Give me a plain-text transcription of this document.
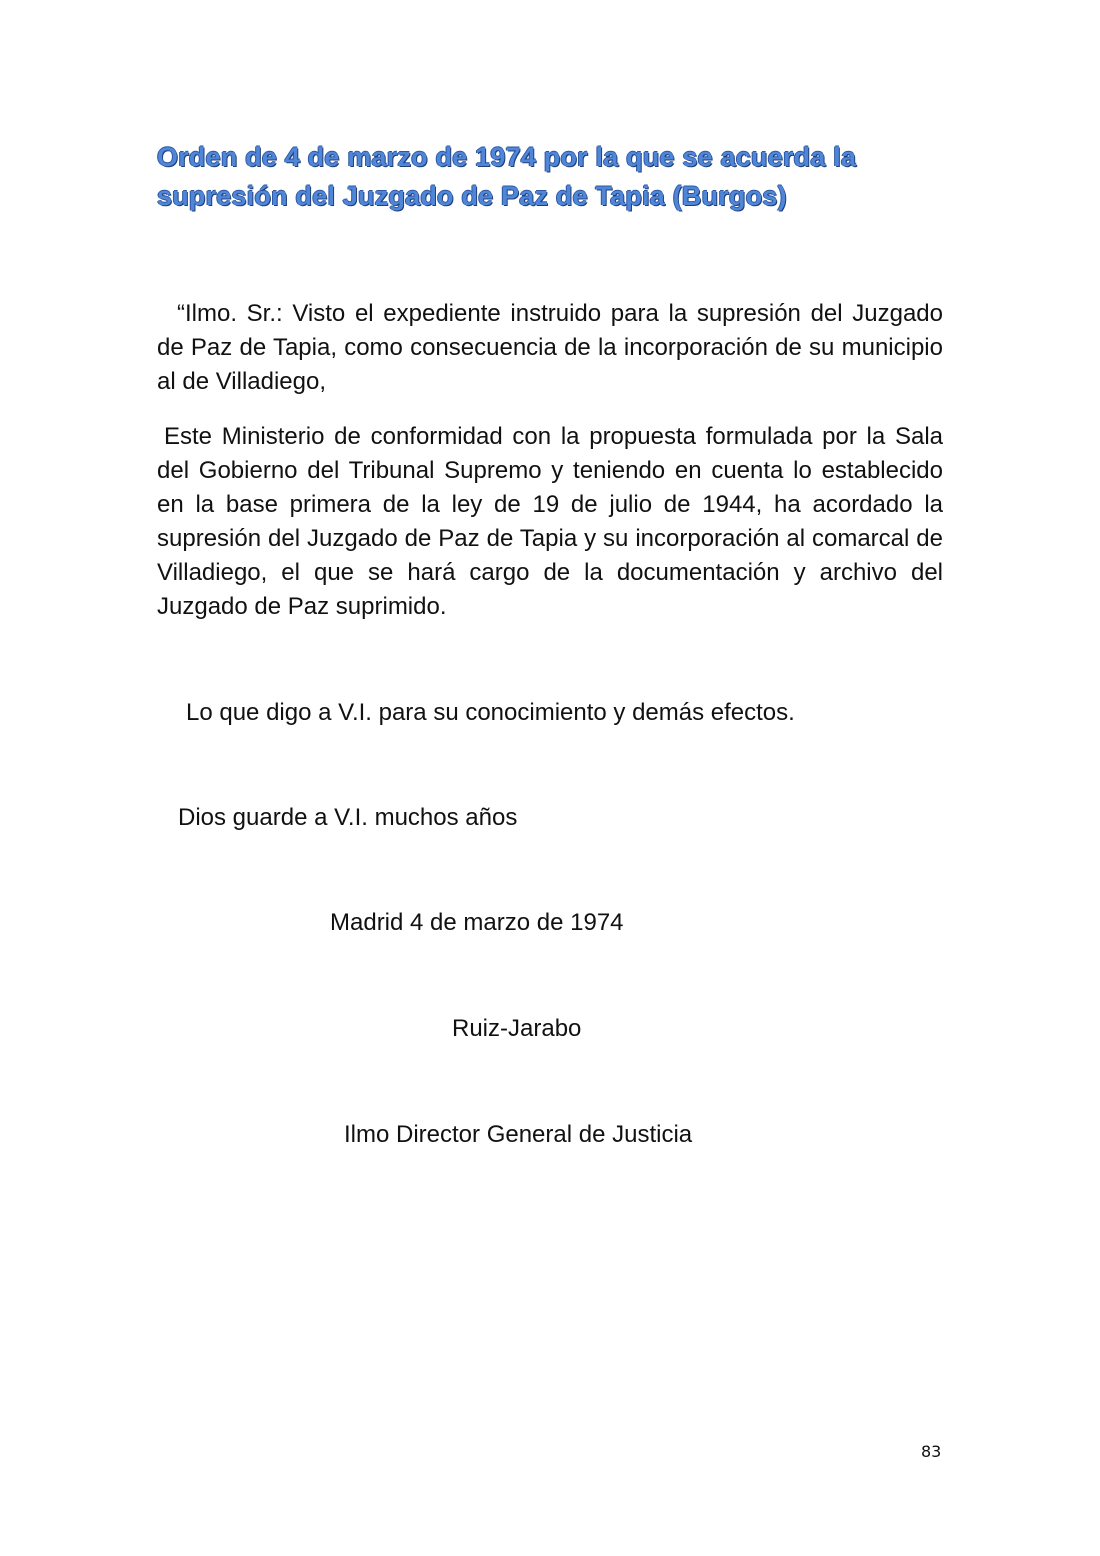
Orden de 4 de marzo de 1974 por la que se acuerda la supresión del Juzgado de Paz de Tapia (Burgos)

“Ilmo. Sr.: Visto el expediente instruido para la supresión del Juzgado de Paz de Tapia, como consecuencia de la incorporación de su municipio al de Villadiego,

Este Ministerio de conformidad con la propuesta formulada por la Sala del Gobierno del Tribunal Supremo y teniendo en cuenta lo establecido en la base primera de la ley de 19 de julio de 1944, ha acordado la supresión del Juzgado de Paz de Tapia y su incorporación al comarcal de Villadiego, el que se hará cargo de la documentación y archivo del Juzgado de Paz suprimido.

Lo que digo a V.I. para su conocimiento y demás efectos.

Dios guarde a V.I. muchos años

Madrid 4 de marzo de 1974

Ruiz-Jarabo

Ilmo Director General de Justicia

83
